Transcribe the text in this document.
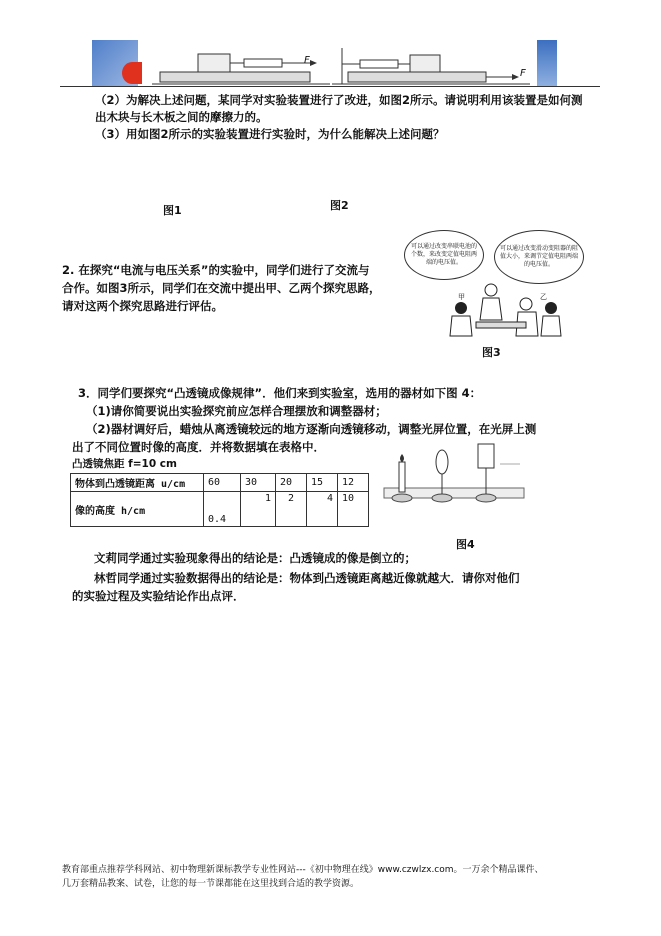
F
F
（2）为解决上述问题，某同学对实验装置进行了改进，如图2所示。请说明利用该装置是如何测
出木块与长木板之间的摩擦力的。
（3）用如图2所示的实验装置进行实验时，为什么能解决上述问题？
图1	图2
2. 在探究“电流与电压关系”的实验中，同学们进行了交流与
合作。如图3所示，同学们在交流中提出甲、乙两个探究思路，
请对这两个探究思路进行评估。
可以通过改变串联电池的个数，来改变定值电阻两端的电压值。
可以通过改变滑动变阻器的阻值大小，来调节定值电阻两端的电压值。
甲	乙
图3
3．同学们要探究“凸透镜成像规律”．他们来到实验室，选用的器材如下图 4：
（1)请你简要说出实验探究前应怎样合理摆放和调整器材；
（2)器材调好后，蜡烛从离透镜较远的地方逐渐向透镜移动，调整光屏位置，在光屏上测
出了不同位置时像的高度．并将数据填在表格中．
凸透镜焦距 f=10 cm
物体到凸透镜距离 u/cm	60	30	20	15	12
像的高度 h/cm	0.4	1	2	4	10
图4
文莉同学通过实验现象得出的结论是：凸透镜成的像是倒立的；
林哲同学通过实验数据得出的结论是：物体到凸透镜距离越近像就越大．请你对他们
的实验过程及实验结论作出点评．
教育部重点推荐学科网站、初中物理新课标教学专业性网站---《初中物理在线》www.czwlzx.com。一万余个精品课件、
几万套精品教案、试卷，让您的每一节课都能在这里找到合适的教学资源。
